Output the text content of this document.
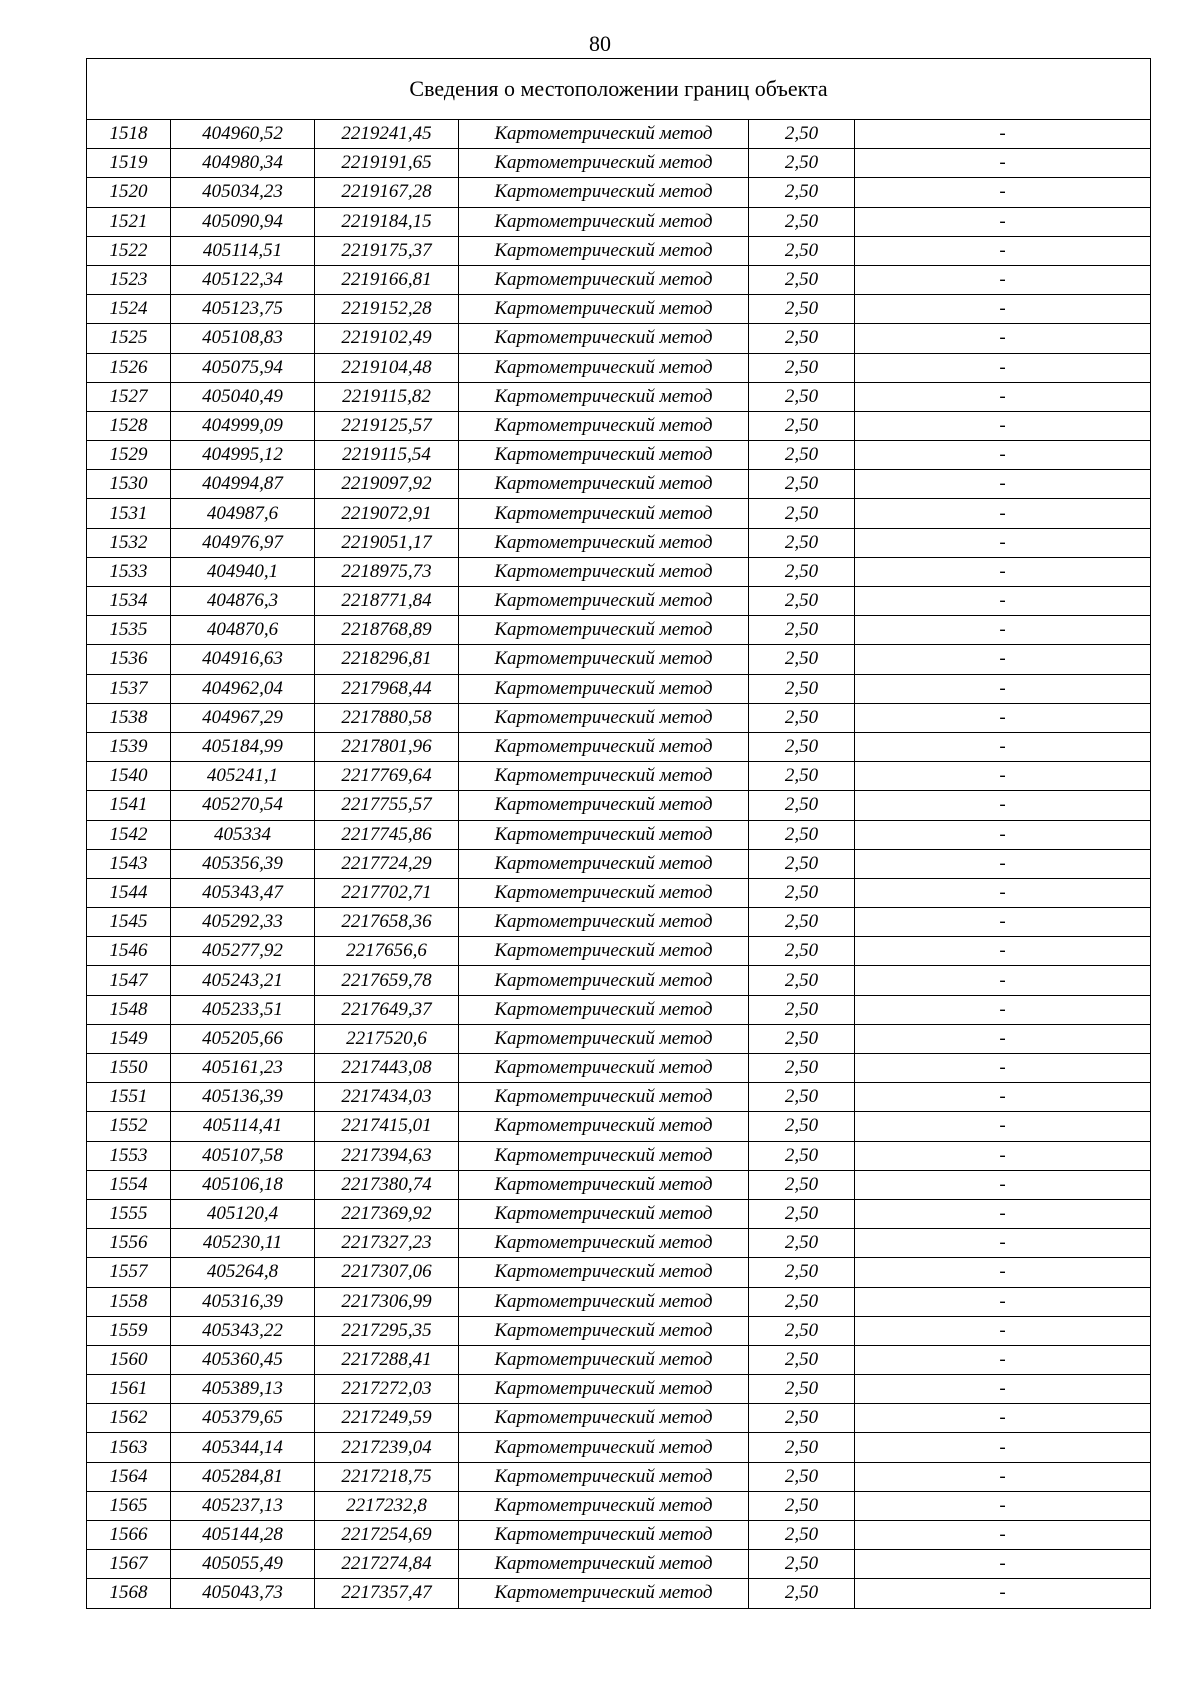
80
Сведения о местоположении границ объекта					
1518	404960,52	2219241,45	Картометрический метод	2,50	-
1519	404980,34	2219191,65	Картометрический метод	2,50	-
1520	405034,23	2219167,28	Картометрический метод	2,50	-
1521	405090,94	2219184,15	Картометрический метод	2,50	-
1522	405114,51	2219175,37	Картометрический метод	2,50	-
1523	405122,34	2219166,81	Картометрический метод	2,50	-
1524	405123,75	2219152,28	Картометрический метод	2,50	-
1525	405108,83	2219102,49	Картометрический метод	2,50	-
1526	405075,94	2219104,48	Картометрический метод	2,50	-
1527	405040,49	2219115,82	Картометрический метод	2,50	-
1528	404999,09	2219125,57	Картометрический метод	2,50	-
1529	404995,12	2219115,54	Картометрический метод	2,50	-
1530	404994,87	2219097,92	Картометрический метод	2,50	-
1531	404987,6	2219072,91	Картометрический метод	2,50	-
1532	404976,97	2219051,17	Картометрический метод	2,50	-
1533	404940,1	2218975,73	Картометрический метод	2,50	-
1534	404876,3	2218771,84	Картометрический метод	2,50	-
1535	404870,6	2218768,89	Картометрический метод	2,50	-
1536	404916,63	2218296,81	Картометрический метод	2,50	-
1537	404962,04	2217968,44	Картометрический метод	2,50	-
1538	404967,29	2217880,58	Картометрический метод	2,50	-
1539	405184,99	2217801,96	Картометрический метод	2,50	-
1540	405241,1	2217769,64	Картометрический метод	2,50	-
1541	405270,54	2217755,57	Картометрический метод	2,50	-
1542	405334	2217745,86	Картометрический метод	2,50	-
1543	405356,39	2217724,29	Картометрический метод	2,50	-
1544	405343,47	2217702,71	Картометрический метод	2,50	-
1545	405292,33	2217658,36	Картометрический метод	2,50	-
1546	405277,92	2217656,6	Картометрический метод	2,50	-
1547	405243,21	2217659,78	Картометрический метод	2,50	-
1548	405233,51	2217649,37	Картометрический метод	2,50	-
1549	405205,66	2217520,6	Картометрический метод	2,50	-
1550	405161,23	2217443,08	Картометрический метод	2,50	-
1551	405136,39	2217434,03	Картометрический метод	2,50	-
1552	405114,41	2217415,01	Картометрический метод	2,50	-
1553	405107,58	2217394,63	Картометрический метод	2,50	-
1554	405106,18	2217380,74	Картометрический метод	2,50	-
1555	405120,4	2217369,92	Картометрический метод	2,50	-
1556	405230,11	2217327,23	Картометрический метод	2,50	-
1557	405264,8	2217307,06	Картометрический метод	2,50	-
1558	405316,39	2217306,99	Картометрический метод	2,50	-
1559	405343,22	2217295,35	Картометрический метод	2,50	-
1560	405360,45	2217288,41	Картометрический метод	2,50	-
1561	405389,13	2217272,03	Картометрический метод	2,50	-
1562	405379,65	2217249,59	Картометрический метод	2,50	-
1563	405344,14	2217239,04	Картометрический метод	2,50	-
1564	405284,81	2217218,75	Картометрический метод	2,50	-
1565	405237,13	2217232,8	Картометрический метод	2,50	-
1566	405144,28	2217254,69	Картометрический метод	2,50	-
1567	405055,49	2217274,84	Картометрический метод	2,50	-
1568	405043,73	2217357,47	Картометрический метод	2,50	-
